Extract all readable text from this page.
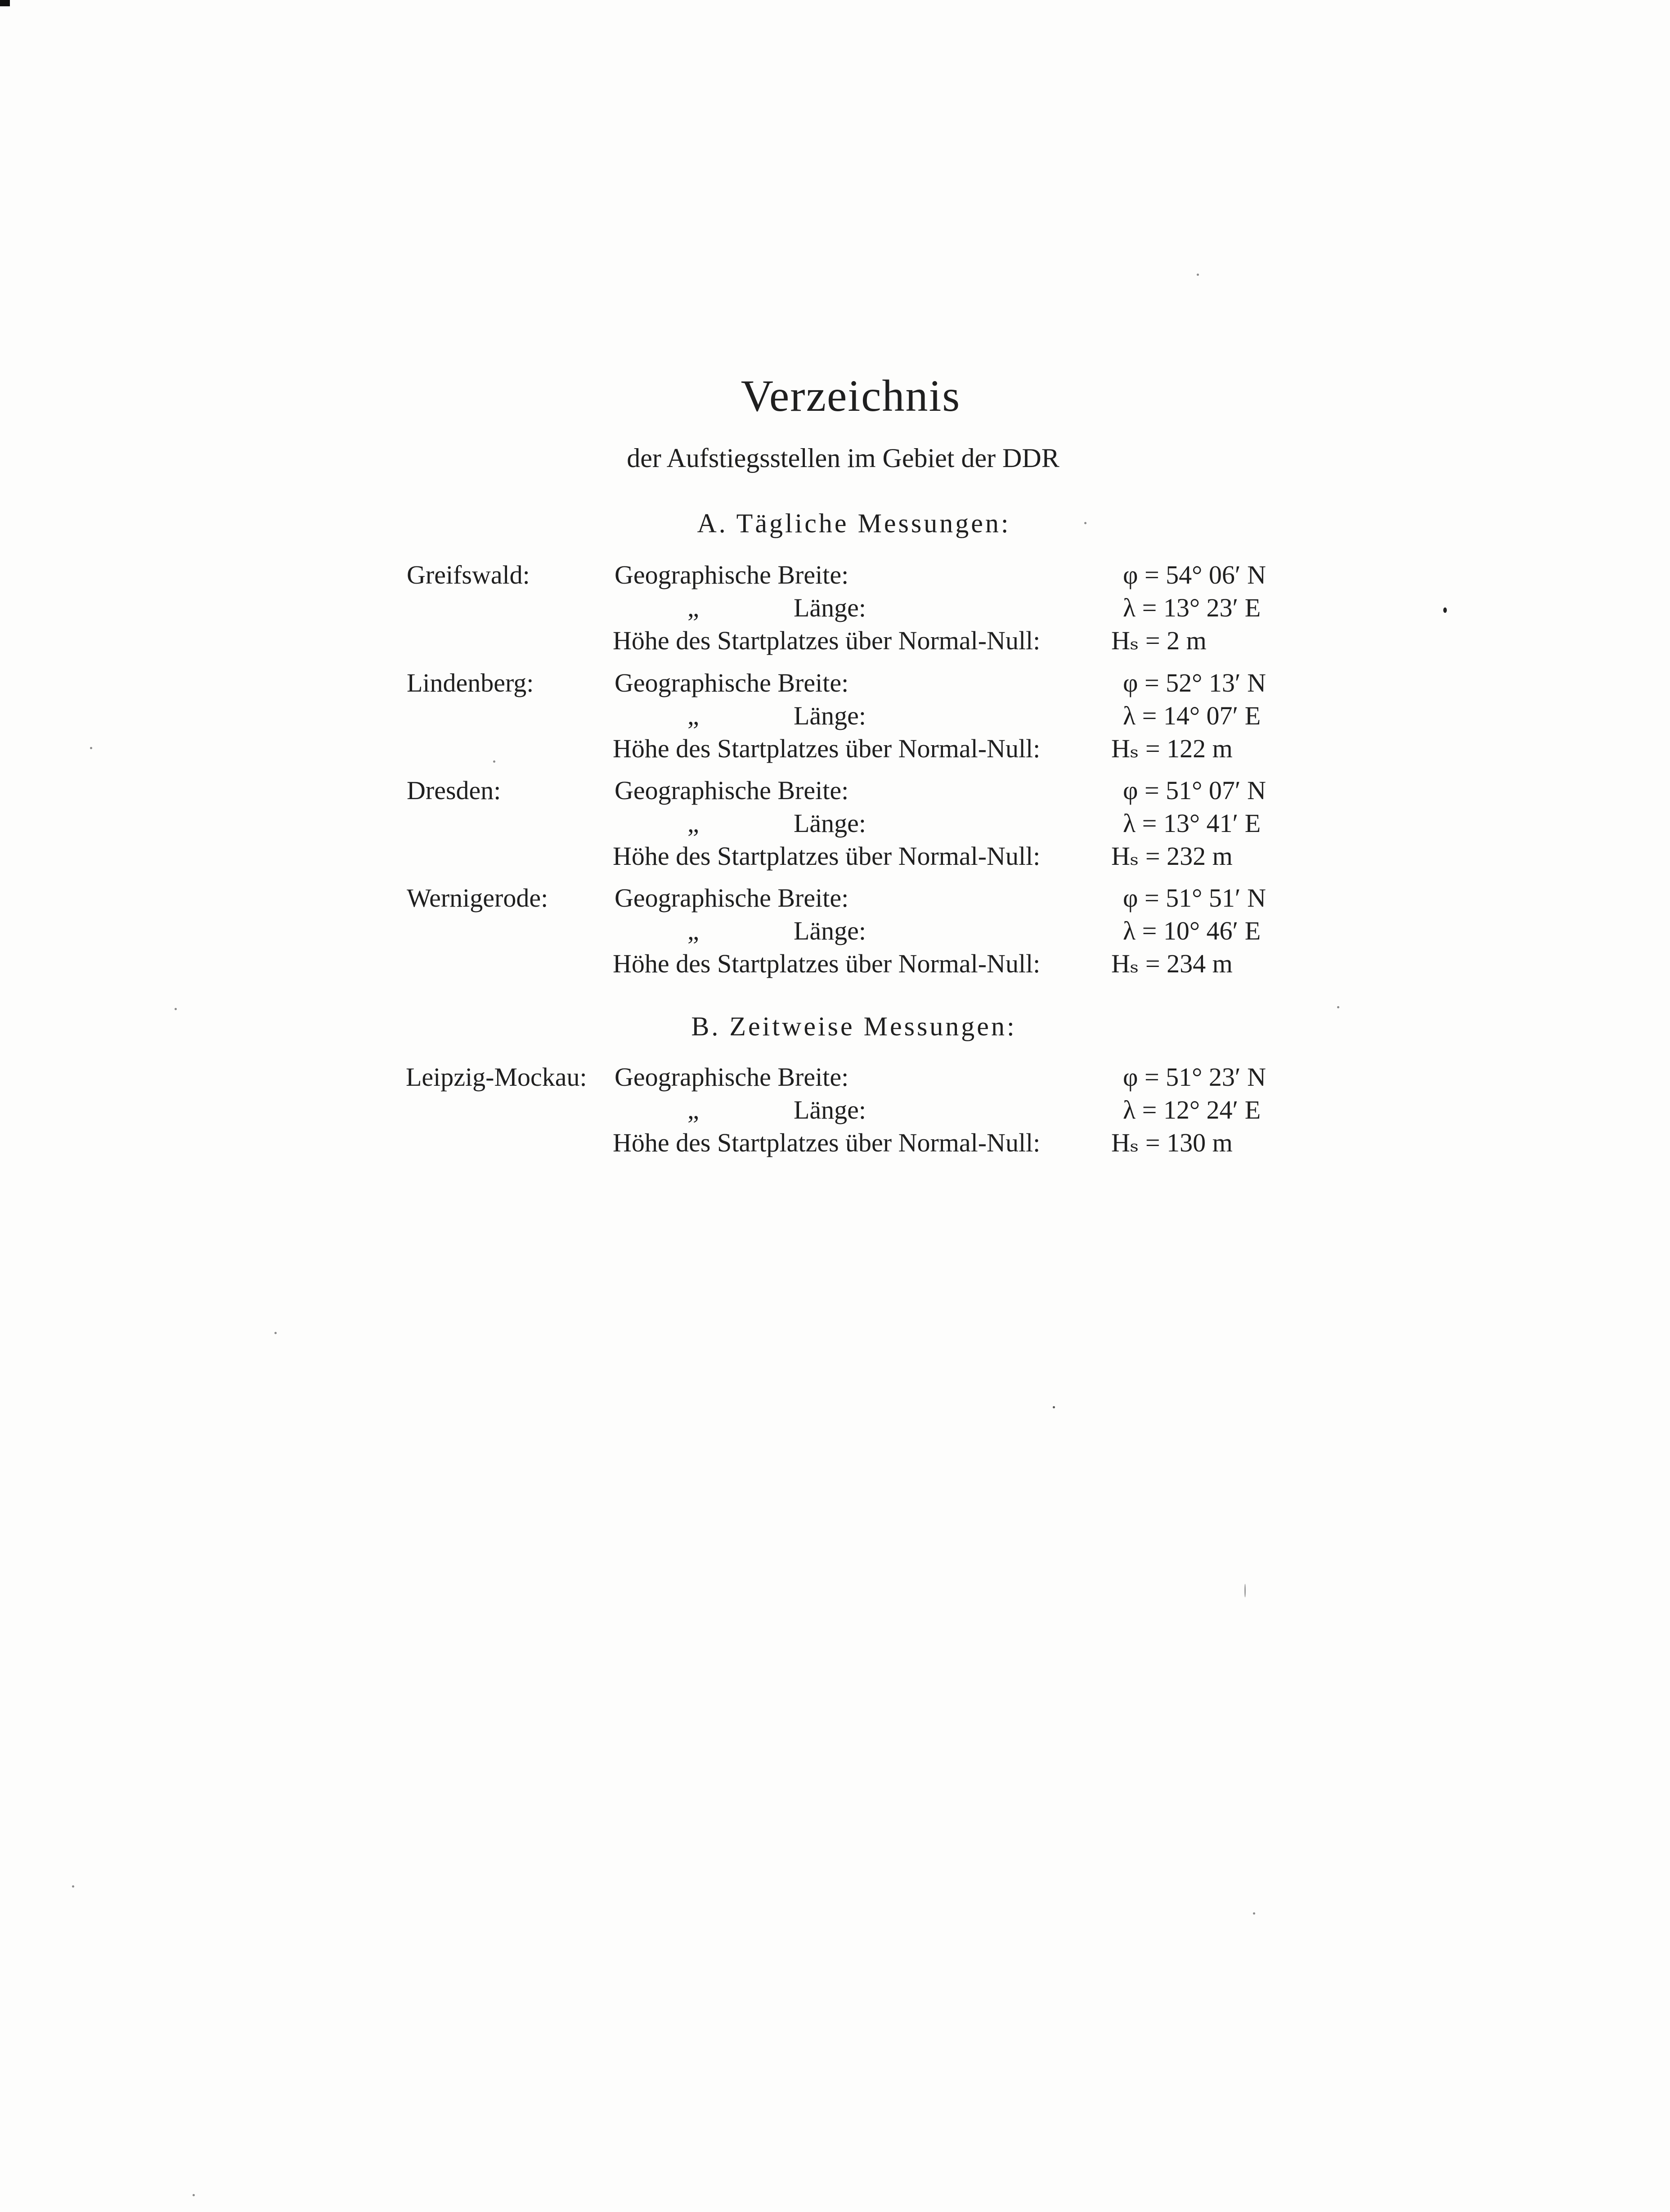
Verzeichnis
der Aufstiegsstellen im Gebiet der DDR
A. Tägliche Messungen:
Greifswald:	Geographische Breite:	φ = 54° 06′ N
„	Länge:	λ = 13° 23′ E
Höhe des Startplatzes über Normal-Null:	Hₛ = 2 m
Lindenberg:	Geographische Breite:	φ = 52° 13′ N
„	Länge:	λ = 14° 07′ E
Höhe des Startplatzes über Normal-Null:	Hₛ = 122 m
Dresden:	Geographische Breite:	φ = 51° 07′ N
„	Länge:	λ = 13° 41′ E
Höhe des Startplatzes über Normal-Null:	Hₛ = 232 m
Wernigerode:	Geographische Breite:	φ = 51° 51′ N
„	Länge:	λ = 10° 46′ E
Höhe des Startplatzes über Normal-Null:	Hₛ = 234 m
B. Zeitweise Messungen:
Leipzig-Mockau: Geographische Breite:	φ = 51° 23′ N
„	Länge:	λ = 12° 24′ E
Höhe des Startplatzes über Normal-Null:	Hₛ = 130 m
